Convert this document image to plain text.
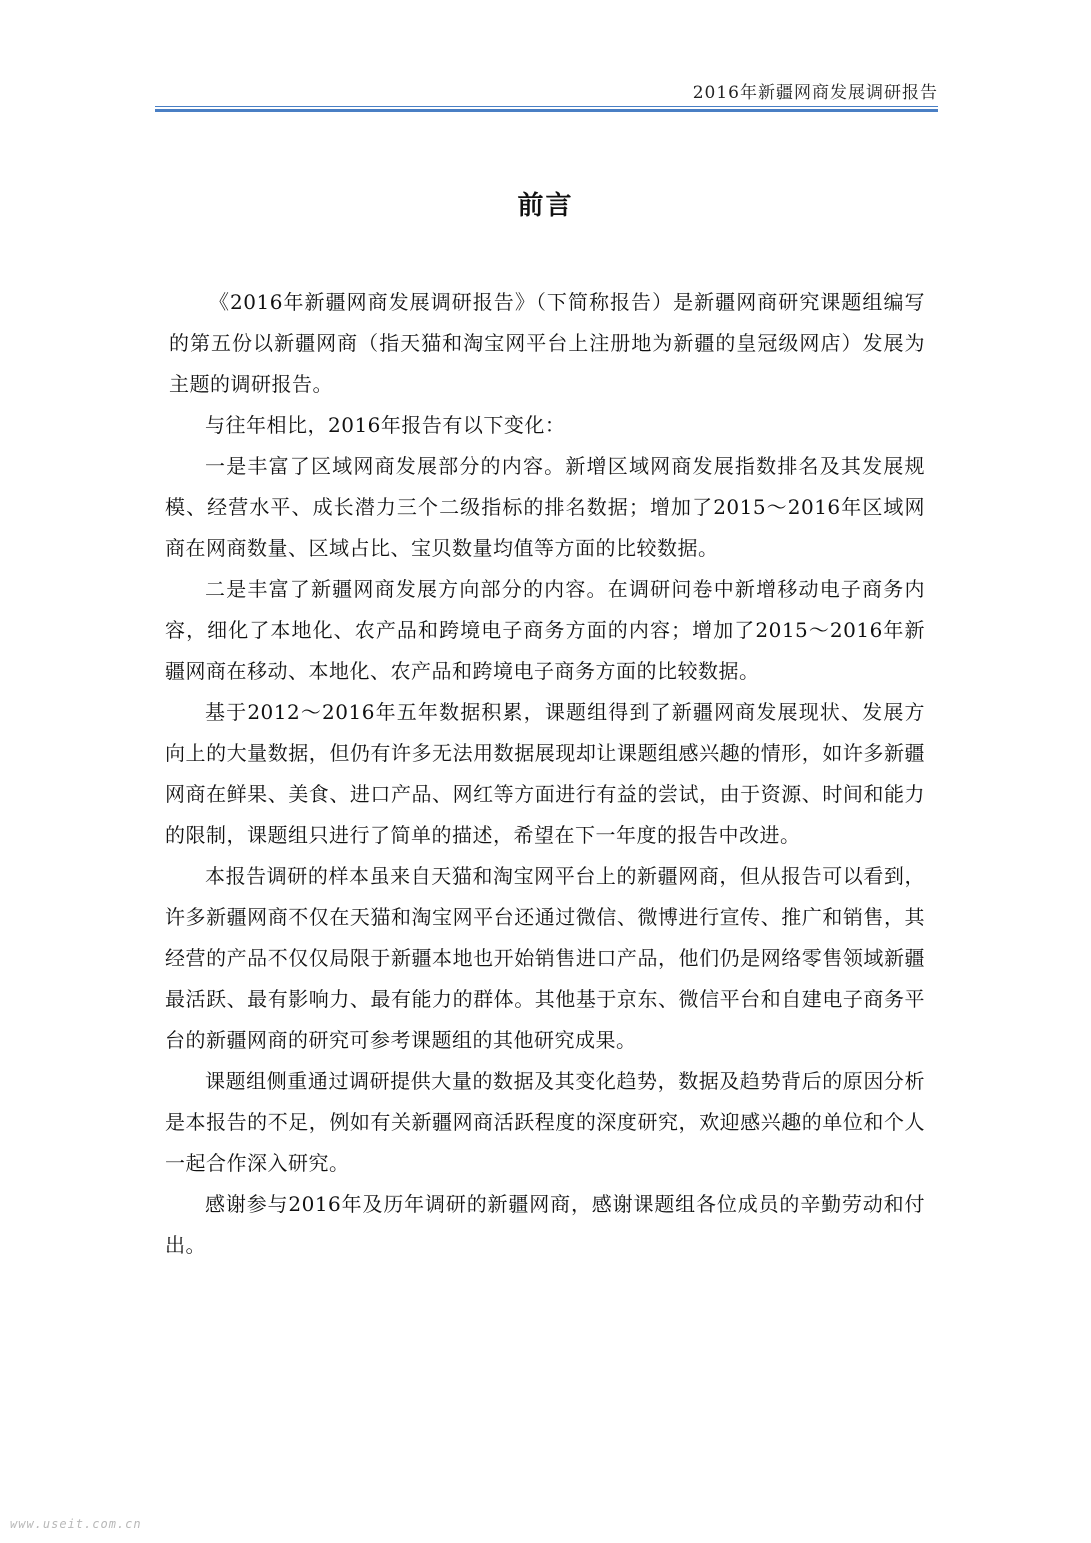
2016年新疆网商发展调研报告
前言

《2016年新疆网商发展调研报告》（下简称报告）是新疆网商研究课题组编写的第五份以新疆网商（指天猫和淘宝网平台上注册地为新疆的皇冠级网店）发展为主题的调研报告。

与往年相比，2016年报告有以下变化：

一是丰富了区域网商发展部分的内容。新增区域网商发展指数排名及其发展规模、经营水平、成长潜力三个二级指标的排名数据；增加了2015～2016年区域网商在网商数量、区域占比、宝贝数量均值等方面的比较数据。

二是丰富了新疆网商发展方向部分的内容。在调研问卷中新增移动电子商务内容，细化了本地化、农产品和跨境电子商务方面的内容；增加了2015～2016年新疆网商在移动、本地化、农产品和跨境电子商务方面的比较数据。

基于2012～2016年五年数据积累，课题组得到了新疆网商发展现状、发展方向上的大量数据，但仍有许多无法用数据展现却让课题组感兴趣的情形，如许多新疆网商在鲜果、美食、进口产品、网红等方面进行有益的尝试，由于资源、时间和能力的限制，课题组只进行了简单的描述，希望在下一年度的报告中改进。

本报告调研的样本虽来自天猫和淘宝网平台上的新疆网商，但从报告可以看到，许多新疆网商不仅在天猫和淘宝网平台还通过微信、微博进行宣传、推广和销售，其经营的产品不仅仅局限于新疆本地也开始销售进口产品，他们仍是网络零售领域新疆最活跃、最有影响力、最有能力的群体。其他基于京东、微信平台和自建电子商务平台的新疆网商的研究可参考课题组的其他研究成果。

课题组侧重通过调研提供大量的数据及其变化趋势，数据及趋势背后的原因分析是本报告的不足，例如有关新疆网商活跃程度的深度研究，欢迎感兴趣的单位和个人一起合作深入研究。

感谢参与2016年及历年调研的新疆网商，感谢课题组各位成员的辛勤劳动和付出。

www.useit.com.cn
